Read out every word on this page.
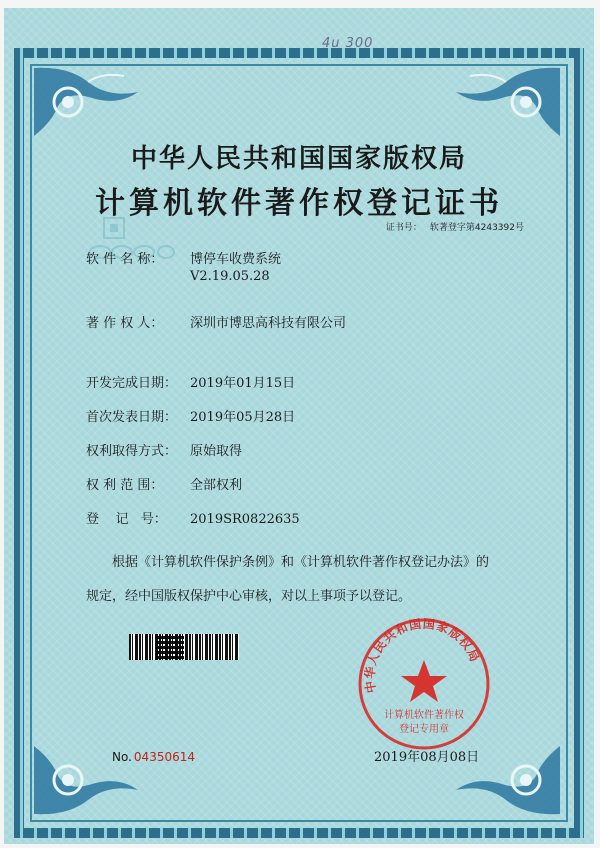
4u 300
中华人民共和国国家版权局
计算机软件著作权登记证书
证书号： 软著登字第4243392号
软 件 名 称： 博停车收费系统
V2.19.05.28
著 作 权 人： 深圳市博思高科技有限公司
开发完成日期： 2019年01月15日
首次发表日期： 2019年05月28日
权利取得方式： 原始取得
权 利 范 围： 全部权利
登    记   号： 2019SR0822635
根据《计算机软件保护条例》和《计算机软件著作权登记办法》的
规定，经中国版权保护中心审核，对以上事项予以登记。
中华人民共和国国家版权局
计算机软件著作权
登记专用章
No. 04350614	2019年08月08日
